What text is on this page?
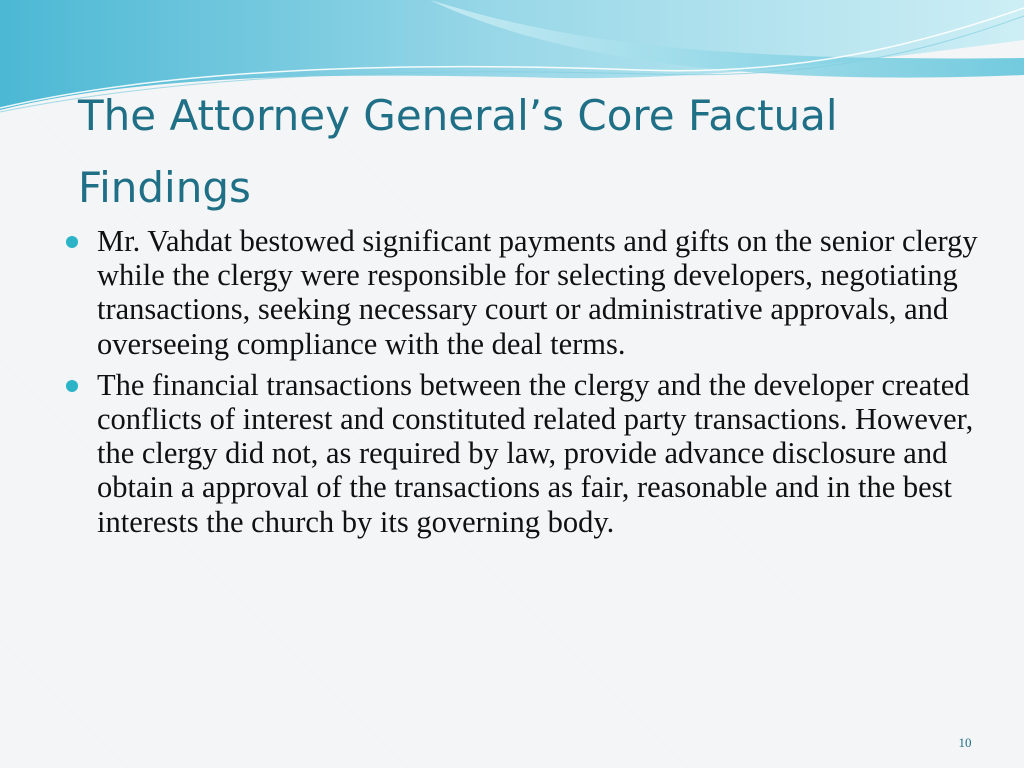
The Attorney General’s Core Factual Findings
Mr. Vahdat bestowed significant payments and gifts on the senior clergy while the clergy were responsible for selecting developers, negotiating transactions, seeking necessary court or administrative approvals, and overseeing compliance with the deal terms.
The financial transactions between the clergy and the developer created conflicts of interest and constituted related party transactions. However, the clergy did not, as required by law, provide advance disclosure and obtain a approval of the transactions as fair, reasonable and in the best interests the church by its governing body.
10
